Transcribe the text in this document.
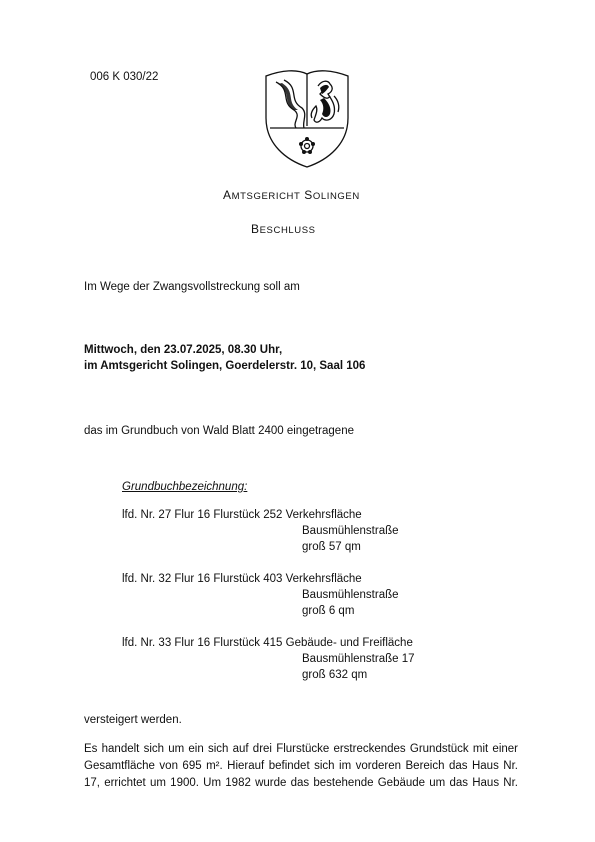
006 K 030/22
AMTSGERICHT SOLINGEN
BESCHLUSS
Im Wege der Zwangsvollstreckung soll am
Mittwoch, den 23.07.2025, 08.30 Uhr,
im Amtsgericht Solingen, Goerdelerstr. 10, Saal 106
das im Grundbuch von Wald Blatt 2400 eingetragene
Grundbuchbezeichnung:
lfd. Nr. 27 Flur 16 Flurstück 252 Verkehrsfläche
Bausmühlenstraße
groß 57 qm
lfd. Nr. 32 Flur 16 Flurstück 403 Verkehrsfläche
Bausmühlenstraße
groß 6 qm
lfd. Nr. 33 Flur 16 Flurstück 415 Gebäude- und Freifläche
Bausmühlenstraße 17
groß 632 qm
versteigert werden.
Es handelt sich um ein sich auf drei Flurstücke erstreckendes Grundstück mit einer
Gesamtfläche von 695 m². Hierauf befindet sich im vorderen Bereich das Haus Nr.
17, errichtet um 1900. Um 1982 wurde das bestehende Gebäude um das Haus Nr.
